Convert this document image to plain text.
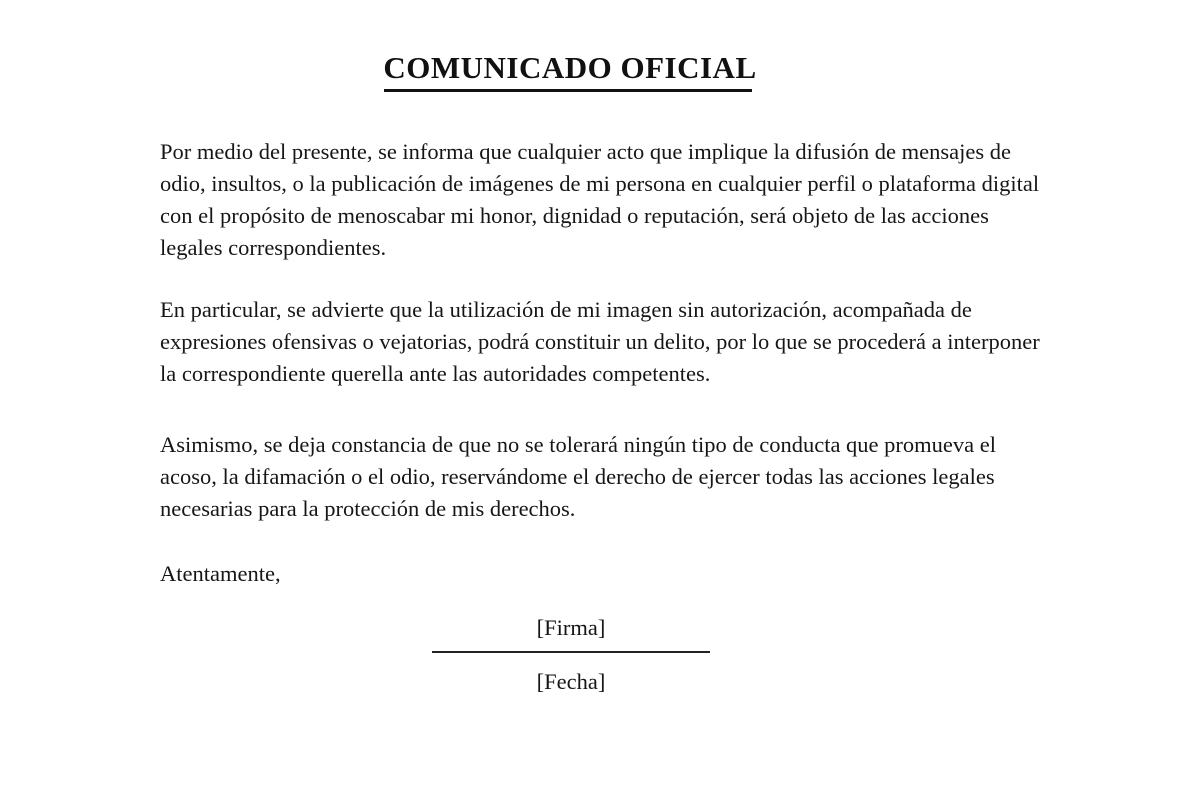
COMUNICADO OFICIAL

Por medio del presente, se informa que cualquier acto que implique la difusión de mensajes de odio, insultos, o la publicación de imágenes de mi persona en cualquier perfil o plataforma digital con el propósito de menoscabar mi honor, dignidad o reputación, será objeto de las acciones legales correspondientes.

En particular, se advierte que la utilización de mi imagen sin autorización, acompañada de expresiones ofensivas o vejatorias, podrá constituir un delito, por lo que se procederá a interponer la correspondiente querella ante las autoridades competentes.

Asimismo, se deja constancia de que no se tolerará ningún tipo de conducta que promueva el acoso, la difamación o el odio, reservándome el derecho de ejercer todas las acciones legales necesarias para la protección de mis derechos.

Atentamente,
[Firma]
[Fecha]
